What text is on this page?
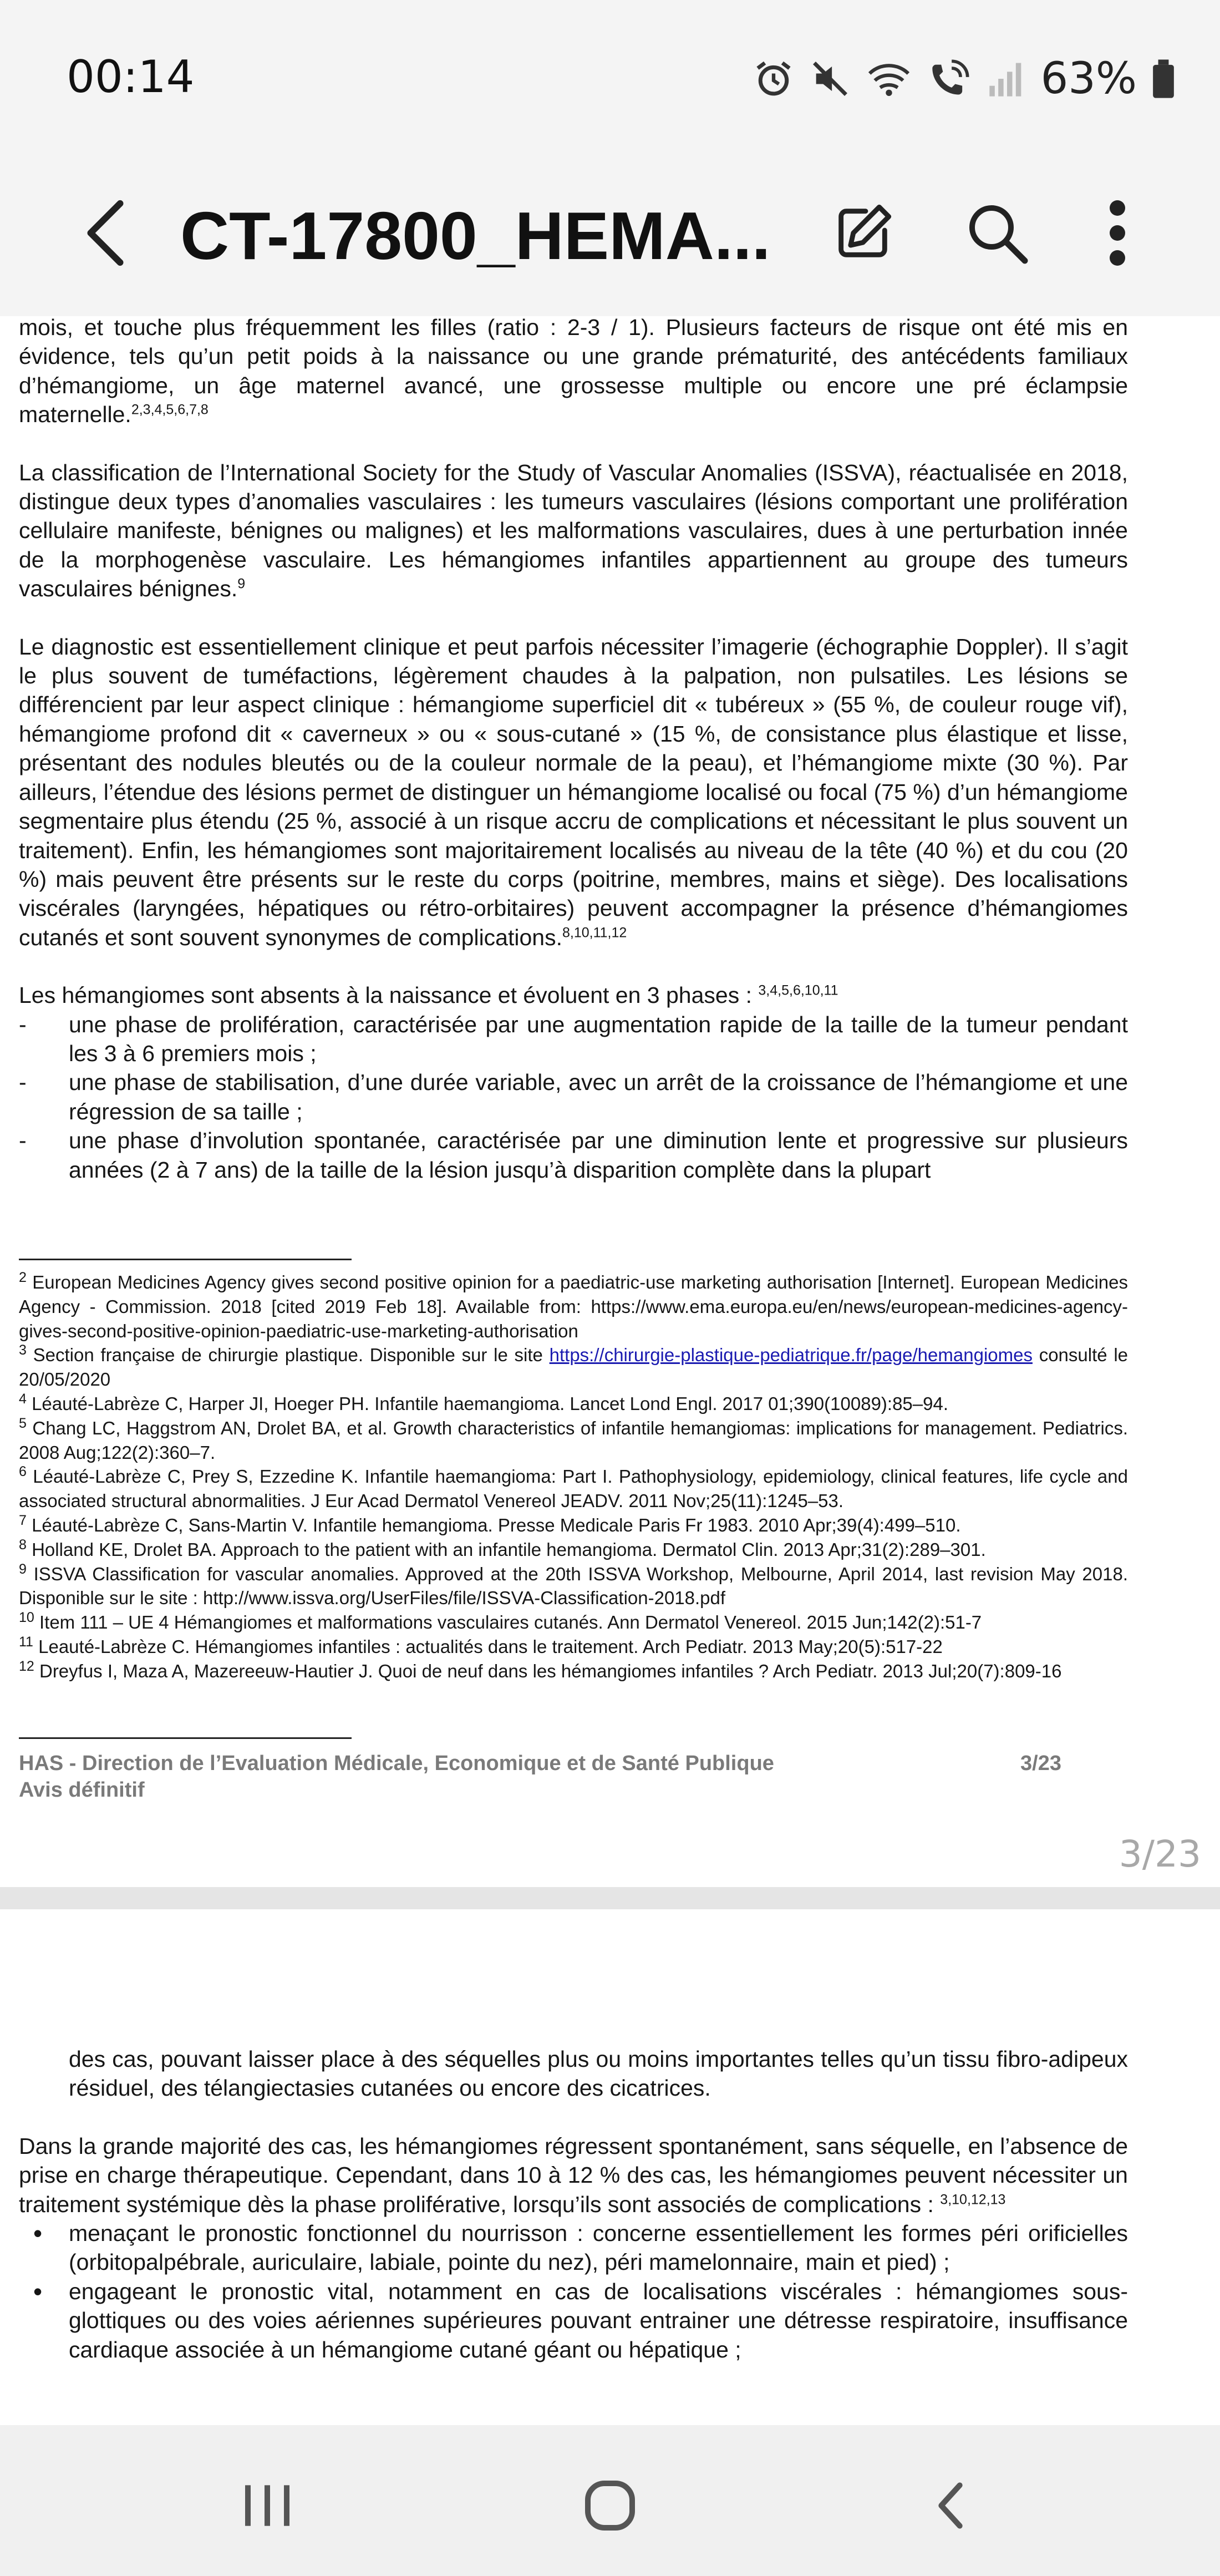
00:14	63%
CT-17800_HEMA...

mois, et touche plus fréquemment les filles (ratio : 2-3 / 1). Plusieurs facteurs de risque ont été mis en évidence, tels qu’un petit poids à la naissance ou une grande prématurité, des antécédents familiaux d’hémangiome, un âge maternel avancé, une grossesse multiple ou encore une pré éclampsie maternelle.$^{2,3,4,5,6,7,8}$

La classification de l’International Society for the Study of Vascular Anomalies (ISSVA), réactualisée en 2018, distingue deux types d’anomalies vasculaires : les tumeurs vasculaires (lésions comportant une prolifération cellulaire manifeste, bénignes ou malignes) et les malformations vasculaires, dues à une perturbation innée de la morphogenèse vasculaire. Les hémangiomes infantiles appartiennent au groupe des tumeurs vasculaires bénignes.$^9$

Le diagnostic est essentiellement clinique et peut parfois nécessiter l’imagerie (échographie Doppler). Il s’agit le plus souvent de tuméfactions, légèrement chaudes à la palpation, non pulsatiles. Les lésions se différencient par leur aspect clinique : hémangiome superficiel dit « tubéreux » (55 %, de couleur rouge vif), hémangiome profond dit « caverneux » ou « sous-cutané » (15 %, de consistance plus élastique et lisse, présentant des nodules bleutés ou de la couleur normale de la peau), et l’hémangiome mixte (30 %). Par ailleurs, l’étendue des lésions permet de distinguer un hémangiome localisé ou focal (75 %) d’un hémangiome segmentaire plus étendu (25 %, associé à un risque accru de complications et nécessitant le plus souvent un traitement). Enfin, les hémangiomes sont majoritairement localisés au niveau de la tête (40 %) et du cou (20 %) mais peuvent être présents sur le reste du corps (poitrine, membres, mains et siège). Des localisations viscérales (laryngées, hépatiques ou rétro-orbitaires) peuvent accompagner la présence d’hémangiomes cutanés et sont souvent synonymes de complications.$^{8,10,11,12}$

Les hémangiomes sont absents à la naissance et évoluent en 3 phases : $^{3,4,5,6,10,11}$

- une phase de prolifération, caractérisée par une augmentation rapide de la taille de la tumeur pendant les 3 à 6 premiers mois ;
- une phase de stabilisation, d’une durée variable, avec un arrêt de la croissance de l’hémangiome et une régression de sa taille ;
- une phase d’involution spontanée, caractérisée par une diminution lente et progressive sur plusieurs années (2 à 7 ans) de la taille de la lésion jusqu’à disparition complète dans la plupart

$^2$ European Medicines Agency gives second positive opinion for a paediatric-use marketing authorisation [Internet]. European Medicines Agency - Commission. 2018 [cited 2019 Feb 18]. Available from: https://www.ema.europa.eu/en/news/european-medicines-agency-gives-second-positive-opinion-paediatric-use-marketing-authorisation

$^3$ Section française de chirurgie plastique. Disponible sur le site https://chirurgie-plastique-pediatrique.fr/page/hemangiomes consulté le 20/05/2020

$^4$ Léauté-Labrèze C, Harper JI, Hoeger PH. Infantile haemangioma. Lancet Lond Engl. 2017 01;390(10089):85–94.

$^5$ Chang LC, Haggstrom AN, Drolet BA, et al. Growth characteristics of infantile hemangiomas: implications for management. Pediatrics. 2008 Aug;122(2):360–7.

$^6$ Léauté-Labrèze C, Prey S, Ezzedine K. Infantile haemangioma: Part I. Pathophysiology, epidemiology, clinical features, life cycle and associated structural abnormalities. J Eur Acad Dermatol Venereol JEADV. 2011 Nov;25(11):1245–53.

$^7$ Léauté-Labrèze C, Sans-Martin V. Infantile hemangioma. Presse Medicale Paris Fr 1983. 2010 Apr;39(4):499–510.

$^8$ Holland KE, Drolet BA. Approach to the patient with an infantile hemangioma. Dermatol Clin. 2013 Apr;31(2):289–301.

$^9$ ISSVA Classification for vascular anomalies. Approved at the 20th ISSVA Workshop, Melbourne, April 2014, last revision May 2018. Disponible sur le site : http://www.issva.org/UserFiles/file/ISSVA-Classification-2018.pdf

$^{10}$ Item 111 – UE 4 Hémangiomes et malformations vasculaires cutanés. Ann Dermatol Venereol. 2015 Jun;142(2):51-7

$^{11}$ Leauté-Labrèze C. Hémangiomes infantiles : actualités dans le traitement. Arch Pediatr. 2013 May;20(5):517-22

$^{12}$ Dreyfus I, Maza A, Mazereeuw-Hautier J. Quoi de neuf dans les hémangiomes infantiles ? Arch Pediatr. 2013 Jul;20(7):809-16

HAS - Direction de l’Evaluation Médicale, Economique et de Santé Publique
Avis définitif
3/23
3/23

des cas, pouvant laisser place à des séquelles plus ou moins importantes telles qu’un tissu fibro-adipeux résiduel, des télangiectasies cutanées ou encore des cicatrices.

Dans la grande majorité des cas, les hémangiomes régressent spontanément, sans séquelle, en l’absence de prise en charge thérapeutique. Cependant, dans 10 à 12 % des cas, les hémangiomes peuvent nécessiter un traitement systémique dès la phase proliférative, lorsqu’ils sont associés de complications : $^{3,10,12,13}$

• menaçant le pronostic fonctionnel du nourrisson : concerne essentiellement les formes péri orificielles (orbitopalpébrale, auriculaire, labiale, pointe du nez), péri mamelonnaire, main et pied) ;
• engageant le pronostic vital, notamment en cas de localisations viscérales : hémangiomes sous-glottiques ou des voies aériennes supérieures pouvant entrainer une détresse respiratoire, insuffisance cardiaque associée à un hémangiome cutané géant ou hépatique ;
